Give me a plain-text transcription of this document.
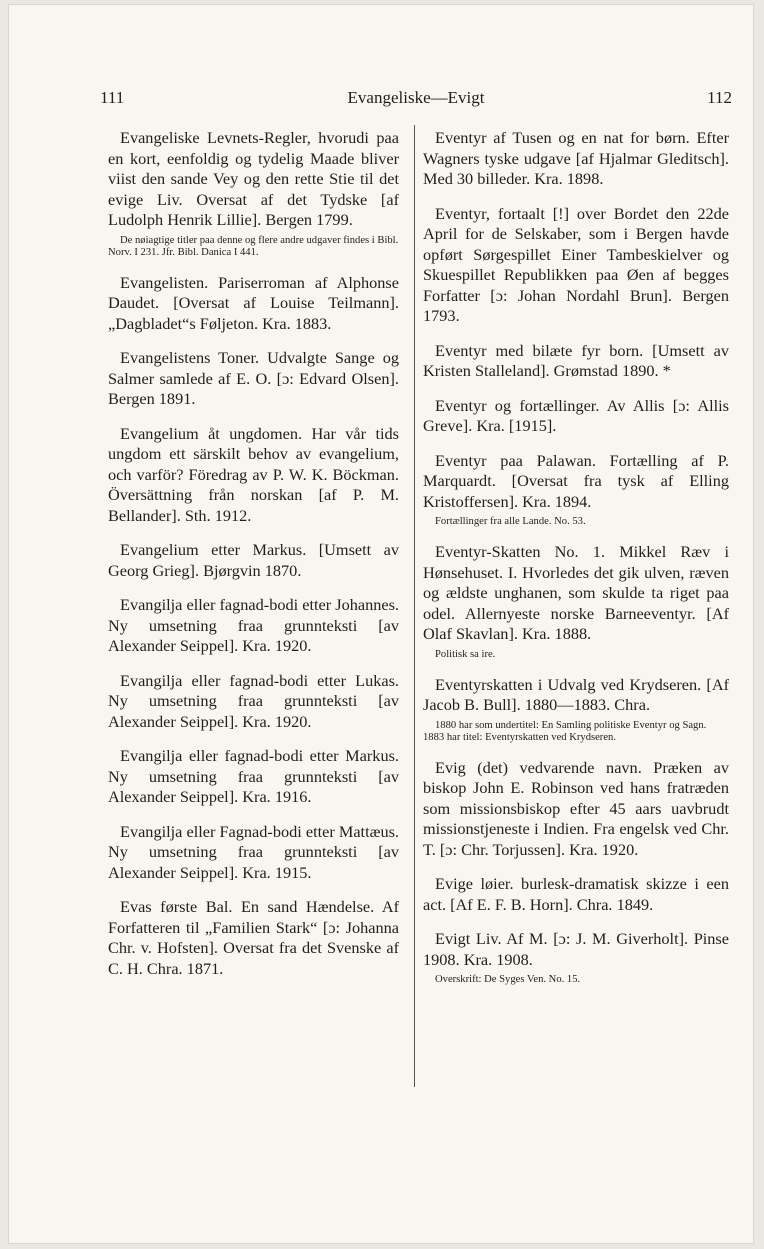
111	Evangeliske—Evigt	112

Evangeliske Levnets-Regler, hvorudi paa en kort, eenfoldig og tydelig Maade bliver viist den sande Vey og den rette Stie til det evige Liv. Oversat af det Tydske [af Ludolph Henrik Lillie]. Bergen 1799.

De nøiagtige titler paa denne og flere andre udgaver findes i Bibl. Norv. I 231. Jfr. Bibl. Danica I 441.

Evangelisten. Pariserroman af Alphonse Daudet. [Oversat af Louise Teilmann]. „Dagbladet“s Føljeton. Kra. 1883.

Evangelistens Toner. Udvalgte Sange og Salmer samlede af E. O. [ɔ: Edvard Olsen]. Bergen 1891.

Evangelium åt ungdomen. Har vår tids ungdom ett särskilt behov av evangelium, och varför? Föredrag av P. W. K. Böckman. Översättning från norskan [af P. M. Bellander]. Sth. 1912.

Evangelium etter Markus. [Umsett av Georg Grieg]. Bjørgvin 1870.

Evangilja eller fagnad-bodi etter Johannes. Ny umsetning fraa grunnteksti [av Alexander Seippel]. Kra. 1920.

Evangilja eller fagnad-bodi etter Lukas. Ny umsetning fraa grunnteksti [av Alexander Seippel]. Kra. 1920.

Evangilja eller fagnad-bodi etter Markus. Ny umsetning fraa grunnteksti [av Alexander Seippel]. Kra. 1916.

Evangilja eller Fagnad-bodi etter Mattæus. Ny umsetning fraa grunnteksti [av Alexander Seippel]. Kra. 1915.

Evas første Bal. En sand Hændelse. Af Forfatteren til „Familien Stark“ [ɔ: Johanna Chr. v. Hofsten]. Oversat fra det Svenske af C. H. Chra. 1871.

Eventyr af Tusen og en nat for børn. Efter Wagners tyske udgave [af Hjalmar Gleditsch]. Med 30 billeder. Kra. 1898.

Eventyr, fortaalt [!] over Bordet den 22de April for de Selskaber, som i Bergen havde opført Sørgespillet Einer Tambeskielver og Skuespillet Republikken paa Øen af begges Forfatter [ɔ: Johan Nordahl Brun]. Bergen 1793.

Eventyr med bilæte fyr born. [Umsett av Kristen Stalleland]. Grømstad 1890. *

Eventyr og fortællinger. Av Allis [ɔ: Allis Greve]. Kra. [1915].

Eventyr paa Palawan. Fortælling af P. Marquardt. [Oversat fra tysk af Elling Kristoffersen]. Kra. 1894.

Fortællinger fra alle Lande. No. 53.

Eventyr-Skatten No. 1. Mikkel Ræv i Hønsehuset. I. Hvorledes det gik ulven, ræven og ældste unghanen, som skulde ta riget paa odel. Allernyeste norske Barneeventyr. [Af Olaf Skavlan]. Kra. 1888.

Politisk sa ire.

Eventyrskatten i Udvalg ved Krydseren. [Af Jacob B. Bull]. 1880—1883. Chra.

1880 har som undertitel: En Samling politiske Eventyr og Sagn. 1883 har titel: Eventyrskatten ved Krydseren.

Evig (det) vedvarende navn. Præken av biskop John E. Robinson ved hans fratræden som missionsbiskop efter 45 aars uavbrudt missionstjeneste i Indien. Fra engelsk ved Chr. T. [ɔ: Chr. Torjussen]. Kra. 1920.

Evige løier. burlesk-dramatisk skizze i een act. [Af E. F. B. Horn]. Chra. 1849.

Evigt Liv. Af M. [ɔ: J. M. Giverholt]. Pinse 1908. Kra. 1908.

Overskrift: De Syges Ven. No. 15.
